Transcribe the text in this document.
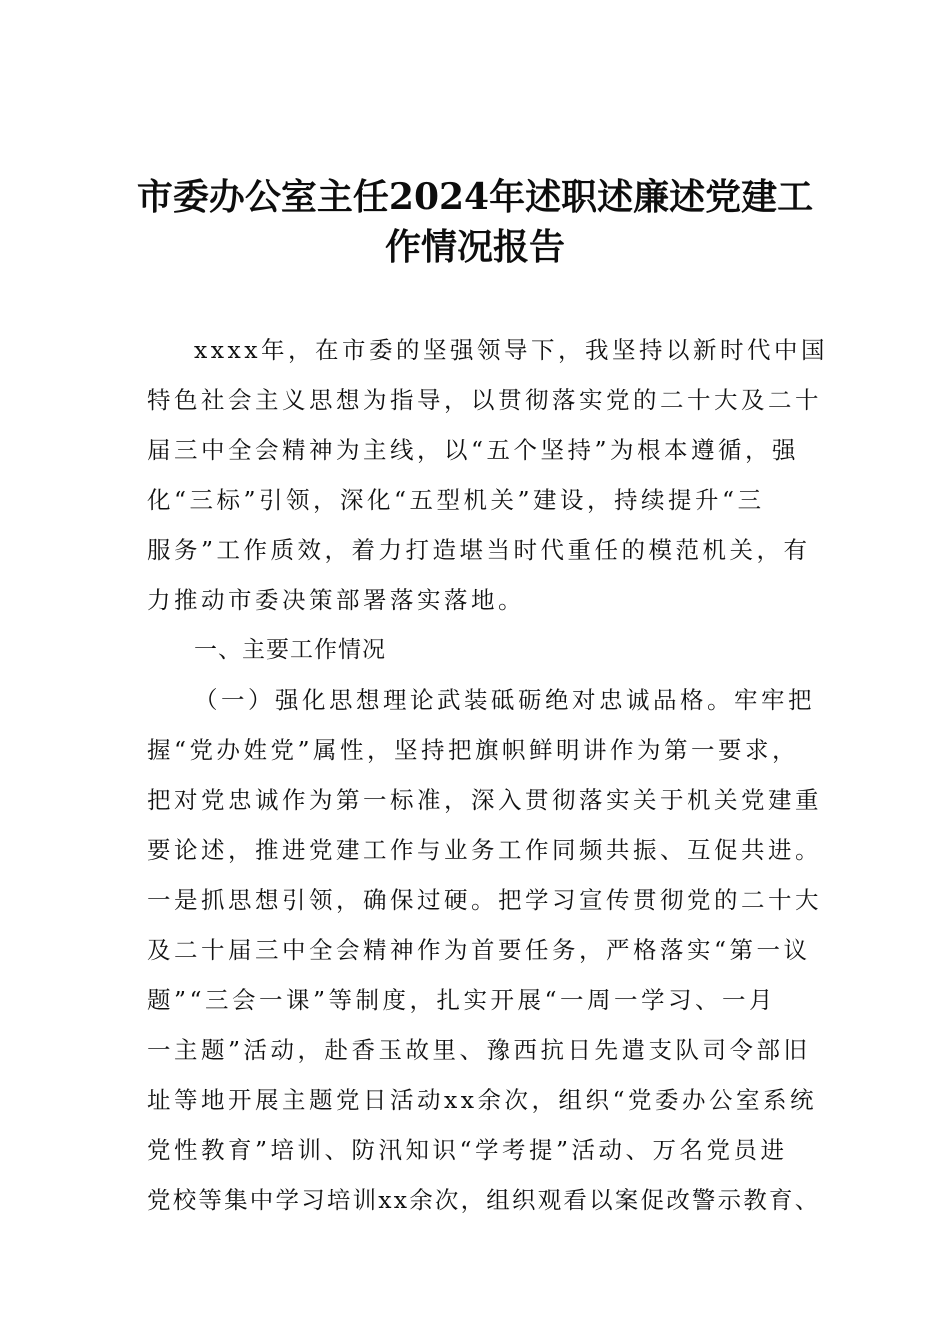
市委办公室主任2024年述职述廉述党建工
作情况报告

xxxx年，在市委的坚强领导下，我坚持以新时代中国
特色社会主义思想为指导，以贯彻落实党的二十大及二十
届三中全会精神为主线，以“五个坚持”为根本遵循，强
化“三标”引领，深化“五型机关”建设，持续提升“三
服务”工作质效，着力打造堪当时代重任的模范机关，有
力推动市委决策部署落实落地。

一、主要工作情况

（一）强化思想理论武装砥砺绝对忠诚品格。牢牢把
握“党办姓党”属性，坚持把旗帜鲜明讲作为第一要求，
把对党忠诚作为第一标准，深入贯彻落实关于机关党建重
要论述，推进党建工作与业务工作同频共振、互促共进。
一是抓思想引领，确保过硬。把学习宣传贯彻党的二十大
及二十届三中全会精神作为首要任务，严格落实“第一议
题”“三会一课”等制度，扎实开展“一周一学习、一月
一主题”活动，赴香玉故里、豫西抗日先遣支队司令部旧
址等地开展主题党日活动xx余次，组织“党委办公室系统
党性教育”培训、防汛知识“学考提”活动、万名党员进
党校等集中学习培训xx余次，组织观看以案促改警示教育、
